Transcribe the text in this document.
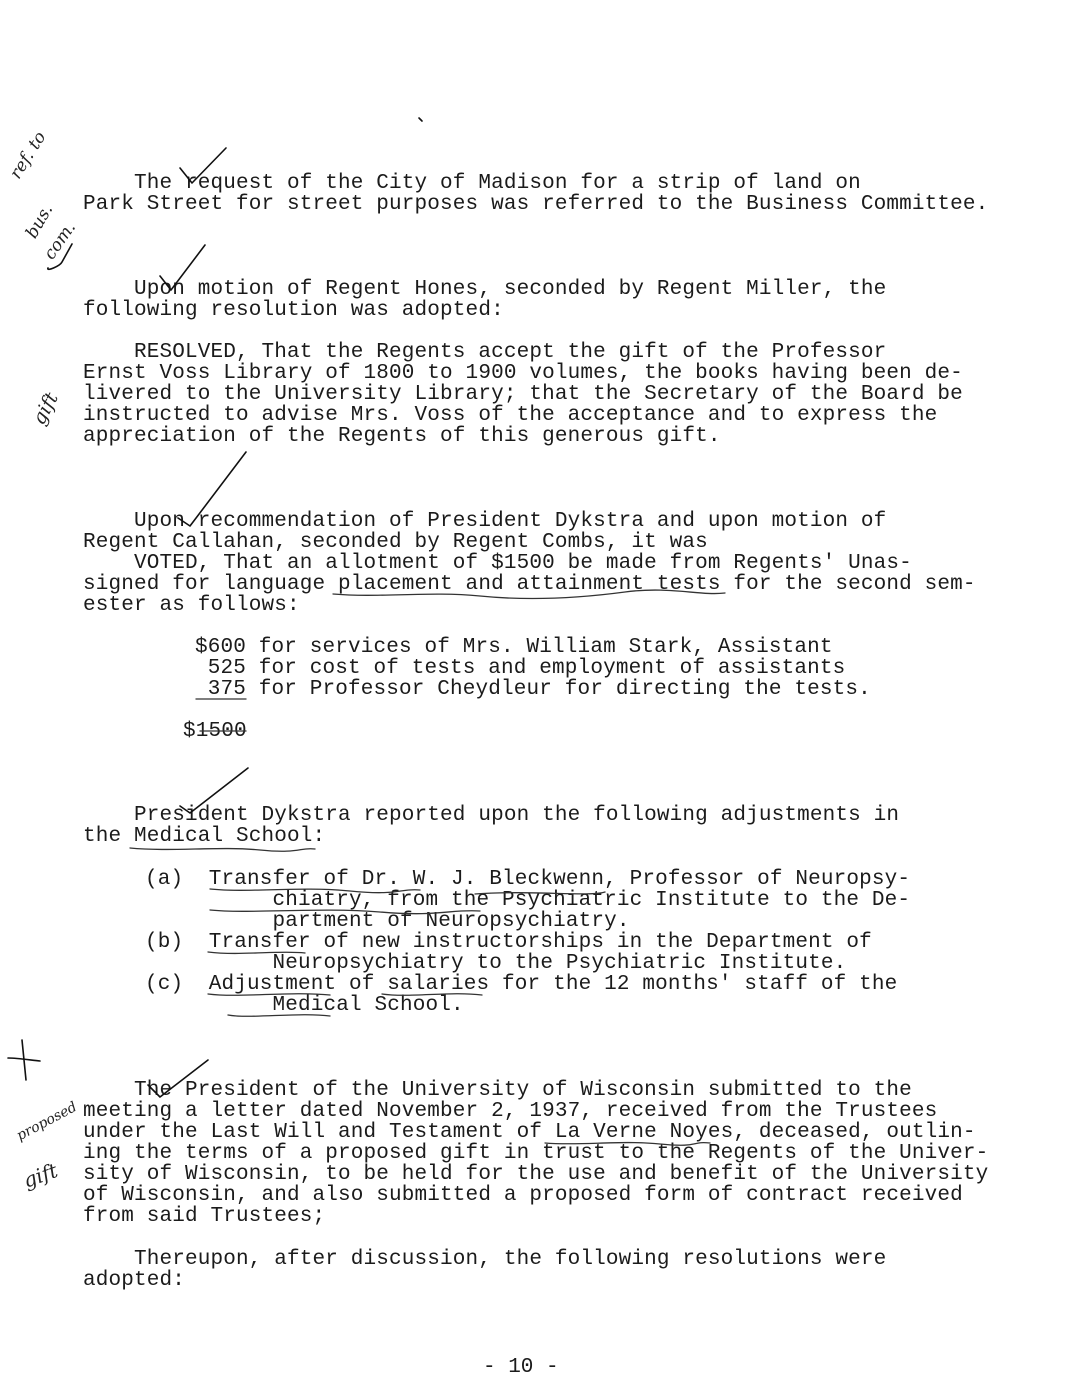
The request of the City of Madison for a strip of land on
Park Street for street purposes was referred to the Business Committee.
Upon motion of Regent Hones, seconded by Regent Miller, the
following resolution was adopted:
RESOLVED, That the Regents accept the gift of the Professor
Ernst Voss Library of 1800 to 1900 volumes, the books having been de-
livered to the University Library; that the Secretary of the Board be
instructed to advise Mrs. Voss of the acceptance and to express the
appreciation of the Regents of this generous gift.
Upon recommendation of President Dykstra and upon motion of
Regent Callahan, seconded by Regent Combs, it was
VOTED, That an allotment of $1500 be made from Regents' Unas-
signed for language placement and attainment tests for the second sem-
ester as follows:
$600 for services of Mrs. William Stark, Assistant
525 for cost of tests and employment of assistants
375 for Professor Cheydleur for directing the tests.
$1500
President Dykstra reported upon the following adjustments in
the Medical School:
(a)  Transfer of Dr. W. J. Bleckwenn, Professor of Neuropsy-
chiatry, from the Psychiatric Institute to the De-
partment of Neuropsychiatry.
(b)  Transfer of new instructorships in the Department of
Neuropsychiatry to the Psychiatric Institute.
(c)  Adjustment of salaries for the 12 months' staff of the
Medical School.
The President of the University of Wisconsin submitted to the
meeting a letter dated November 2, 1937, received from the Trustees
under the Last Will and Testament of La Verne Noyes, deceased, outlin-
ing the terms of a proposed gift in trust to the Regents of the Univer-
sity of Wisconsin, to be held for the use and benefit of the University
of Wisconsin, and also submitted a proposed form of contract received
from said Trustees;
Thereupon, after discussion, the following resolutions were
adopted:
- 10 -
ref. to
bus.
com.
gift
proposed
gift
